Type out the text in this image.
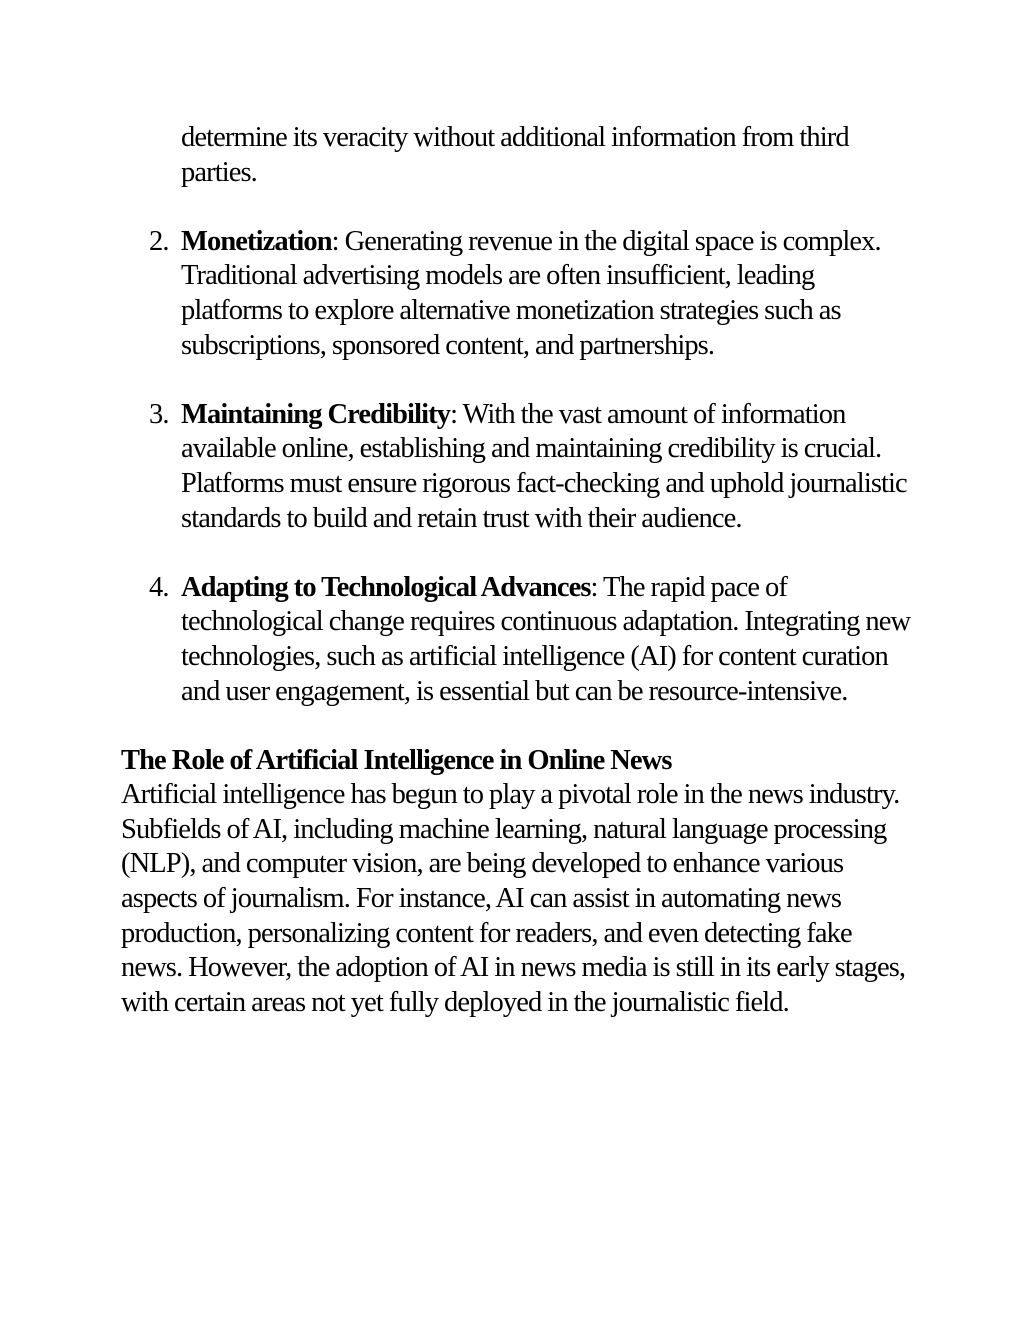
determine its veracity without additional information from third parties.

2. Monetization: Generating revenue in the digital space is complex. Traditional advertising models are often insufficient, leading platforms to explore alternative monetization strategies such as subscriptions, sponsored content, and partnerships.
3. Maintaining Credibility: With the vast amount of information available online, establishing and maintaining credibility is crucial. Platforms must ensure rigorous fact-checking and uphold journalistic standards to build and retain trust with their audience.
4. Adapting to Technological Advances: The rapid pace of technological change requires continuous adaptation. Integrating new technologies, such as artificial intelligence (AI) for content curation and user engagement, is essential but can be resource-intensive.

The Role of Artificial Intelligence in Online News

Artificial intelligence has begun to play a pivotal role in the news industry. Subfields of AI, including machine learning, natural language processing (NLP), and computer vision, are being developed to enhance various aspects of journalism. For instance, AI can assist in automating news production, personalizing content for readers, and even detecting fake news. However, the adoption of AI in news media is still in its early stages, with certain areas not yet fully deployed in the journalistic field.
